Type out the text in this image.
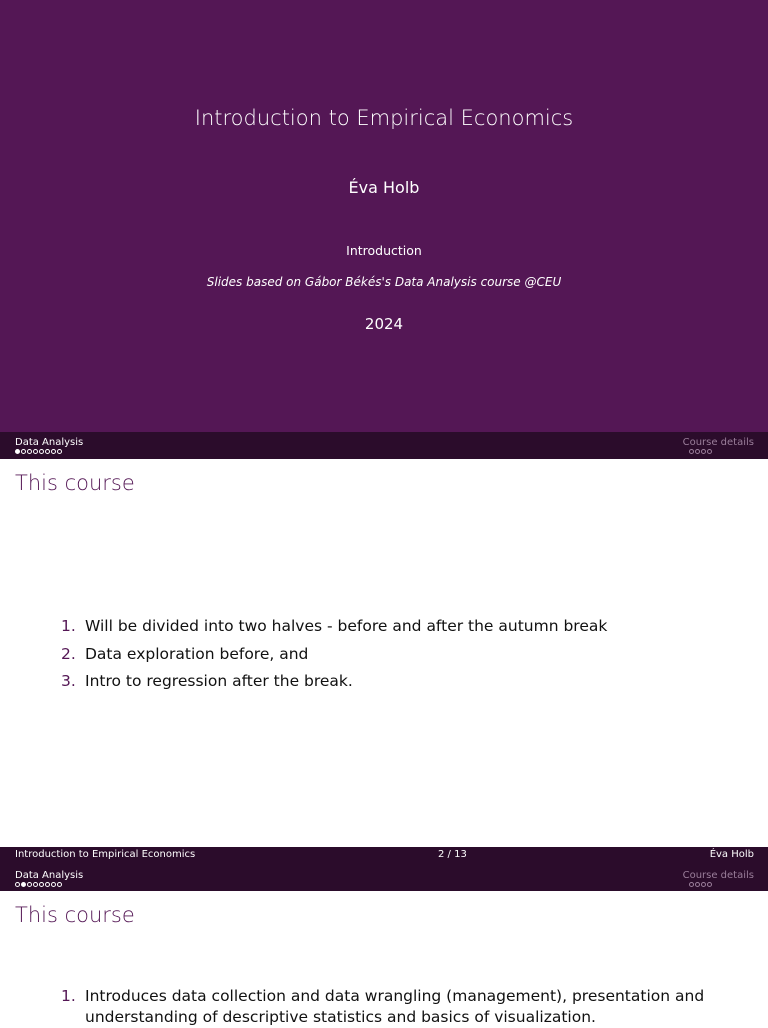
Introduction to Empirical Economics
Éva Holb
Introduction
Slides based on Gábor Békés's Data Analysis course @CEU
2024
Data Analysis	Course details
This course
1. Will be divided into two halves - before and after the autumn break
2. Data exploration before, and
3. Intro to regression after the break.
Introduction to Empirical Economics	2 / 13	Éva Holb
Data Analysis	Course details
This course
1. Introduces data collection and data wrangling (management), presentation and understanding of descriptive statistics and basics of visualization.
